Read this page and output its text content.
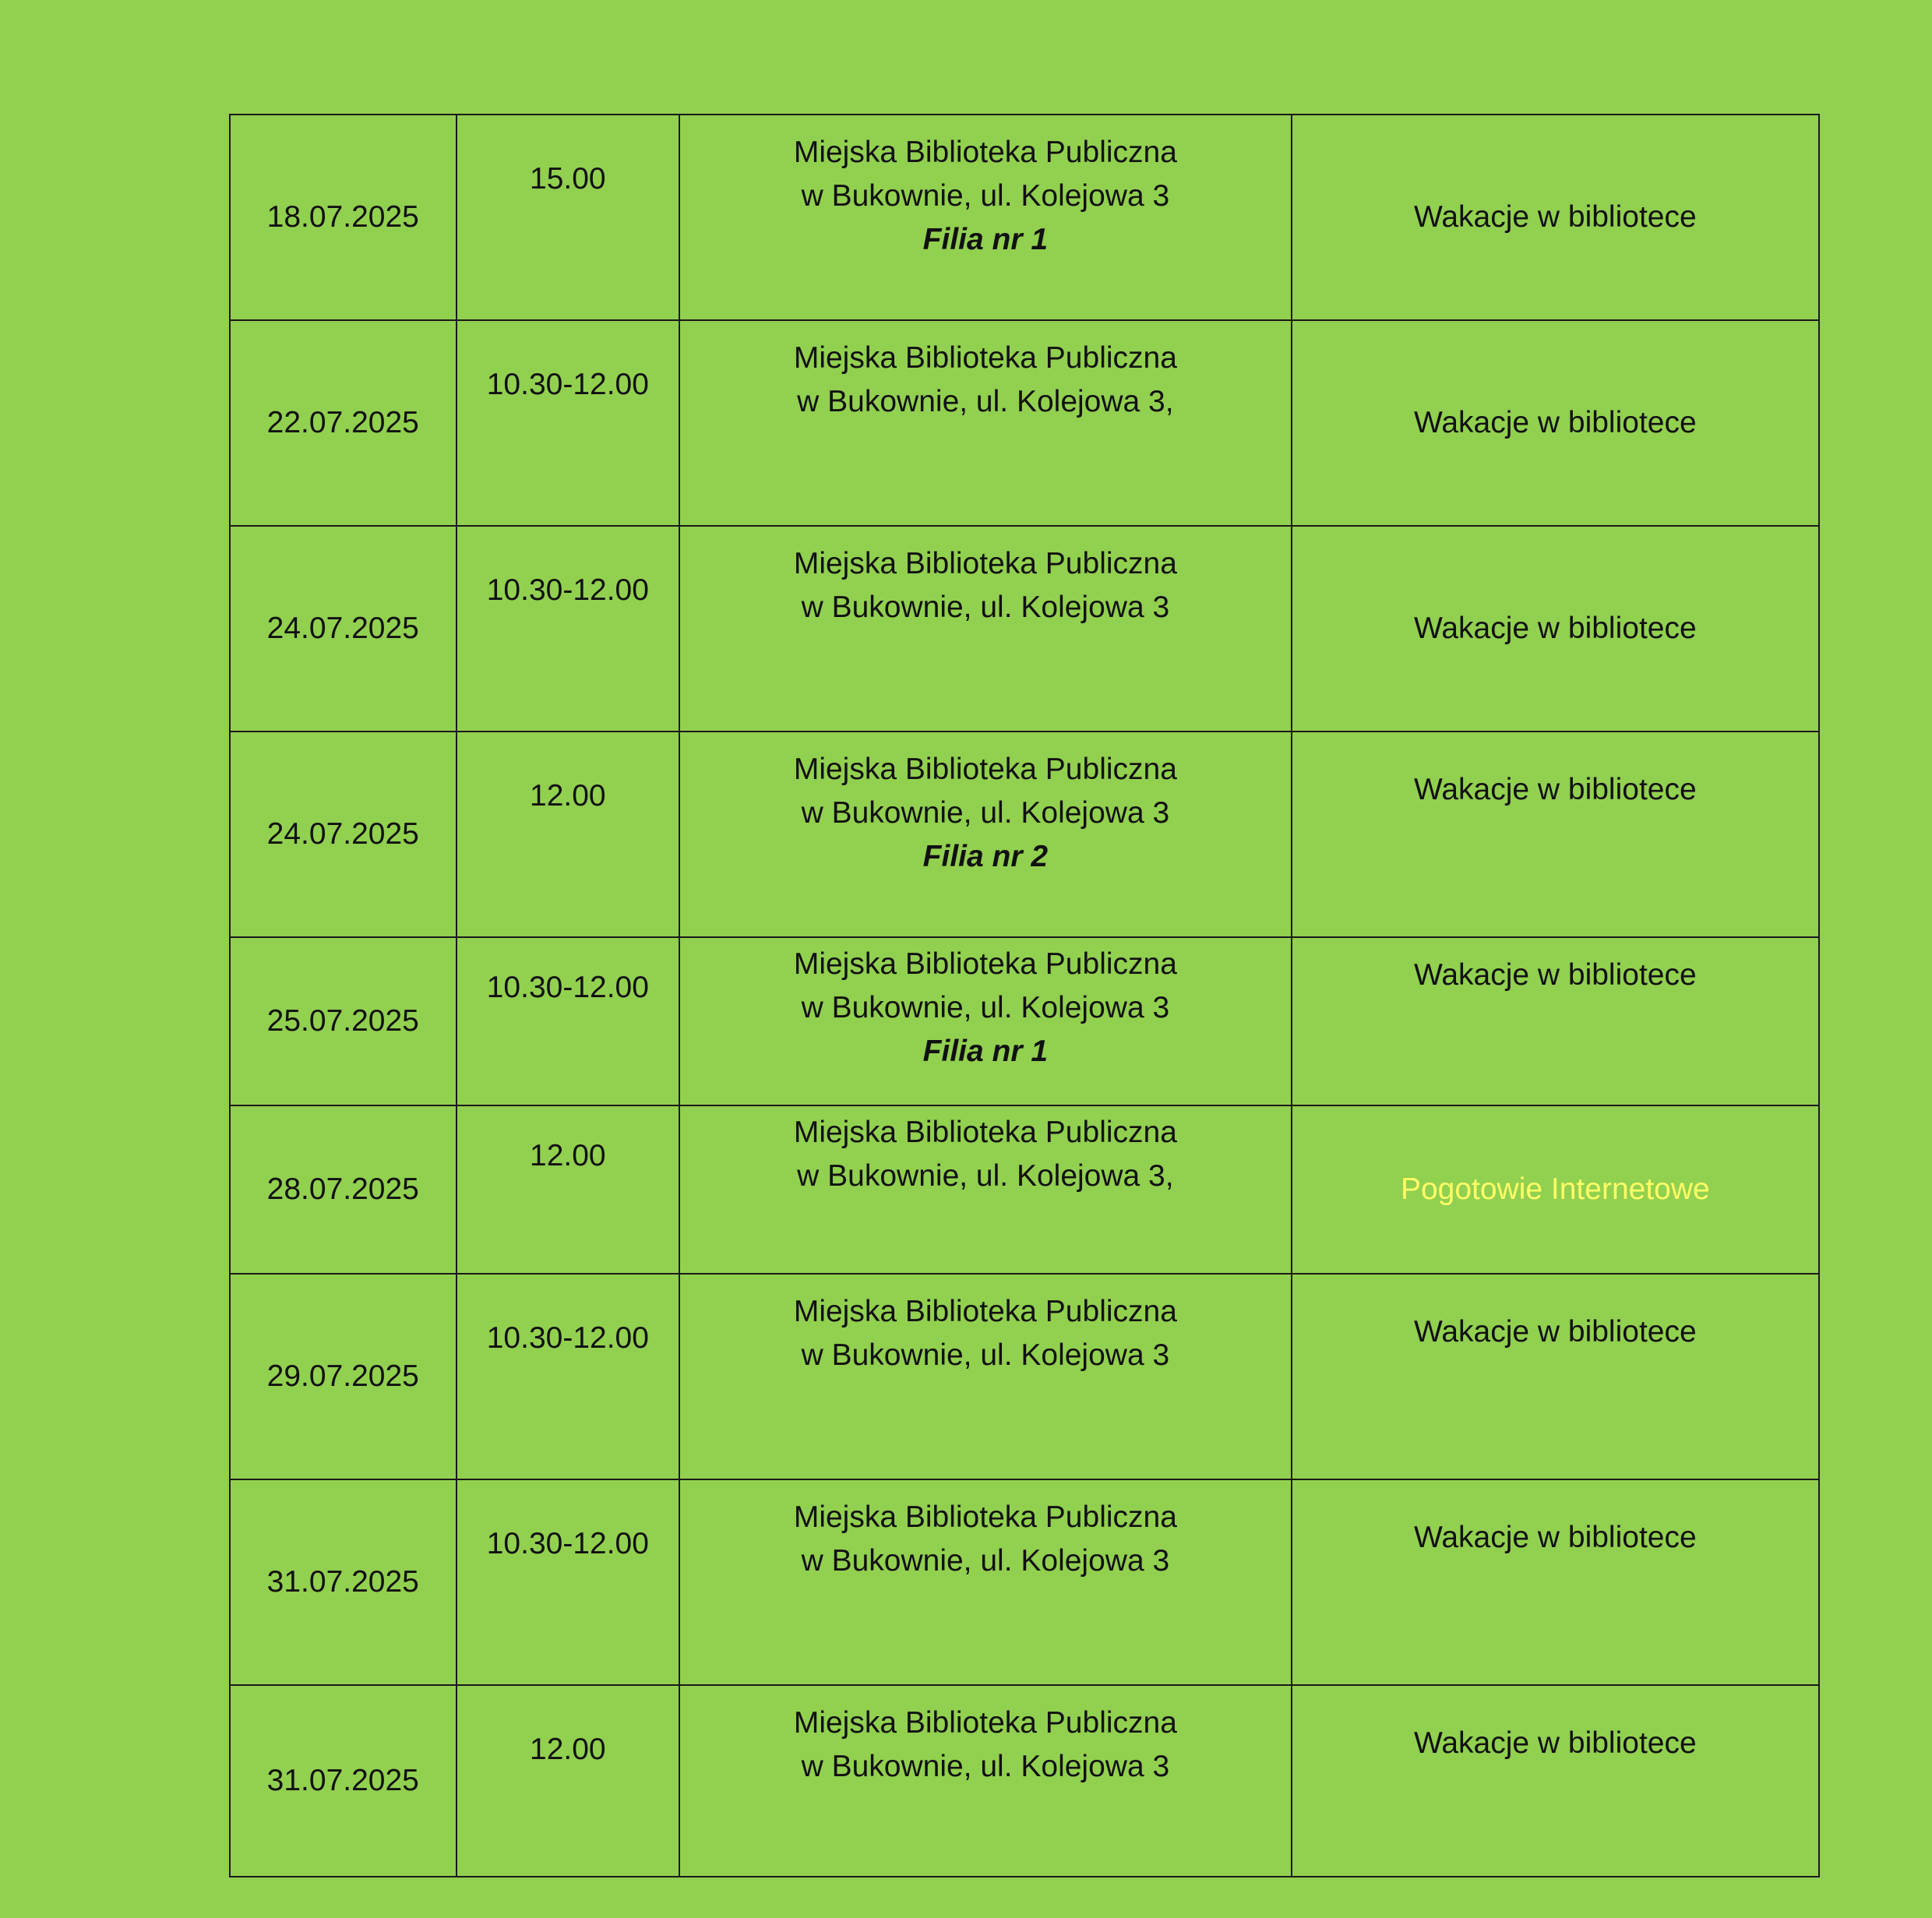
18.07.2025	15.00	Miejska Biblioteka Publiczna
w Bukownie, ul. Kolejowa 3
Filia nr 1	Wakacje w bibliotece
22.07.2025	10.30-12.00	Miejska Biblioteka Publiczna
w Bukownie, ul. Kolejowa 3,	Wakacje w bibliotece
24.07.2025	10.30-12.00	Miejska Biblioteka Publiczna
w Bukownie, ul. Kolejowa 3	Wakacje w bibliotece
24.07.2025	12.00	Miejska Biblioteka Publiczna
w Bukownie, ul. Kolejowa 3
Filia nr 2	Wakacje w bibliotece
25.07.2025	10.30-12.00	Miejska Biblioteka Publiczna
w Bukownie, ul. Kolejowa 3
Filia nr 1	Wakacje w bibliotece
28.07.2025	12.00	Miejska Biblioteka Publiczna
w Bukownie, ul. Kolejowa 3,	Pogotowie Internetowe
29.07.2025	10.30-12.00	Miejska Biblioteka Publiczna
w Bukownie, ul. Kolejowa 3	Wakacje w bibliotece
31.07.2025	10.30-12.00	Miejska Biblioteka Publiczna
w Bukownie, ul. Kolejowa 3	Wakacje w bibliotece
31.07.2025	12.00	Miejska Biblioteka Publiczna
w Bukownie, ul. Kolejowa 3	Wakacje w bibliotece
